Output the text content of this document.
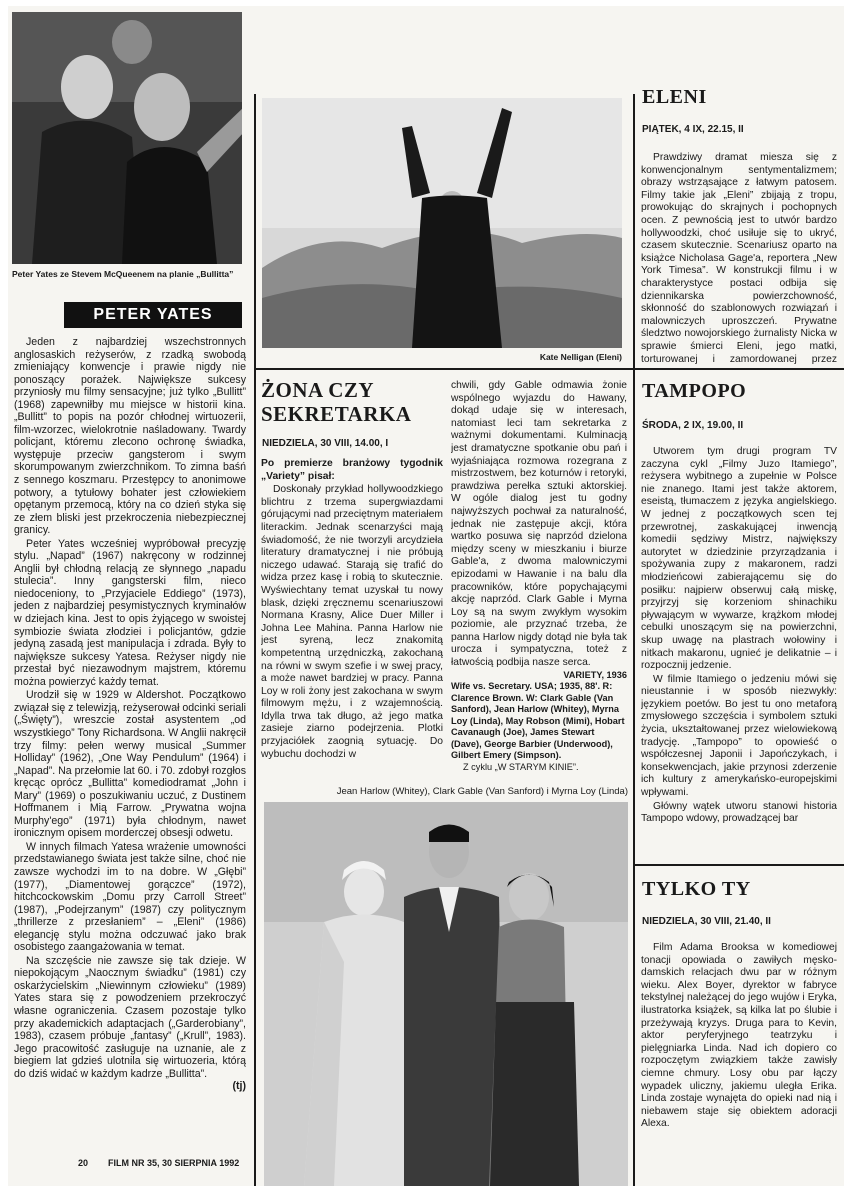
Peter Yates ze Stevem McQueenem na planie „Bullitta”
PETER YATES

Jeden z najbardziej wszechstronnych anglosaskich reżyserów, z rzadką swobodą zmieniający konwencje i prawie nigdy nie ponoszący porażek. Największe sukcesy przyniosły mu filmy sensacyjne; już tylko „Bullitt” (1968) zapewniłby mu miejsce w historii kina. „Bullitt” to popis na pozór chłodnej wirtuozerii, film-wzorzec, wielokrotnie naśladowany. Twardy policjant, któremu zlecono ochronę świadka, występuje przeciw gangsterom i swym skorumpowanym zwierzchnikom. To zimna baśń z sennego koszmaru. Przestępcy to anonimowe potwory, a tytułowy bohater jest człowiekiem opętanym przemocą, który na co dzień styka się ze złem bliski jest przekroczenia niebezpiecznej granicy.

Peter Yates wcześniej wypróbował precyzję stylu. „Napad” (1967) nakręcony w rodzinnej Anglii był chłodną relacją ze słynnego „napadu stulecia”. Inny gangsterski film, nieco niedoceniony, to „Przyjaciele Eddiego” (1973), jeden z najbardziej pesymistycznych kryminałów w dziejach kina. Jest to opis żyjącego w swoistej symbiozie świata złodziei i policjantów, gdzie jedyną zasadą jest manipulacja i zdrada. Były to największe sukcesy Yatesa. Reżyser nigdy nie przestał być niezawodnym majstrem, któremu można powierzyć każdy temat.

Urodził się w 1929 w Aldershot. Początkowo związał się z telewizją, reżyserował odcinki seriali („Święty”), wreszcie został asystentem „od wszystkiego” Tony Richardsona. W Anglii nakręcił trzy filmy: pełen werwy musical „Summer Holliday” (1962), „One Way Pendulum” (1964) i „Napad”. Na przełomie lat 60. i 70. zdobył rozgłos kręcąc oprócz „Bullitta” komediodramat „John i Mary” (1969) o poszukiwaniu uczuć, z Dustinem Hoffmanem i Mią Farrow. „Prywatna wojna Murphy'ego” (1971) była chłodnym, nawet ironicznym opisem morderczej obsesji odwetu.

W innych filmach Yatesa wrażenie umowności przedstawianego świata jest także silne, choć nie zawsze wychodzi im to na dobre. W „Głębi” (1977), „Diamentowej gorączce” (1972), hitchcockowskim „Domu przy Carroll Street” (1987), „Podejrzanym” (1987) czy politycznym „thrillerze z przesłaniem” – „Eleni” (1986) elegancję stylu można odczuwać jako brak osobistego zaangażowania w temat.

Na szczęście nie zawsze się tak dzieje. W niepokojącym „Naocznym świadku” (1981) czy oskarżycielskim „Niewinnym człowieku” (1989) Yates stara się z powodzeniem przekroczyć własne ograniczenia. Czasem pozostaje tylko przy akademickich adaptacjach („Garderobiany”, 1983), czasem próbuje „fantasy” („Krull”, 1983). Jego pracowitość zasługuje na uznanie, ale z biegiem lat gdzieś ulotnila się wirtuozeria, którą do dziś widać w każdym kadrze „Bullitta”.

(tj)
Kate Nelligan (Eleni)
ELENI
PIĄTEK, 4 IX, 22.15, II

Prawdziwy dramat miesza się z konwencjonalnym sentymentalizmem; obrazy wstrząsające z łatwym patosem. Filmy takie jak „Eleni” zbijają z tropu, prowokując do skrajnych i pochopnych ocen. Z pewnością jest to utwór bardzo hollywoodzki, choć usiłuje się to ukryć, czasem skutecznie. Scenariusz oparto na książce Nicholasa Gage'a, reportera „New York Timesa”. W konstrukcji filmu i w charakterystyce postaci odbija się dziennikarska powierzchowność, skłonność do szablonowych rozwiązań i malowniczych uproszczeń. Prywatne śledztwo nowojorskiego żurnalisty Nicka w sprawie śmierci Eleni, jego matki, torturowanej i zamordowanej przez

ŻONA CZY
SEKRETARKA
NIEDZIELA, 30 VIII, 14.00, I

Po premierze branżowy tygodnik „Variety” pisał:

Doskonały przykład hollywoodzkiego blichtru z trzema supergwiazdami górującymi nad przeciętnym materiałem literackim. Jednak scenarzyści mają świadomość, że nie tworzyli arcydzieła literatury dramatycznej i nie próbują niczego udawać. Starają się trafić do widza przez kasę i robią to skutecznie. Wyświechtany temat uzyskał tu nowy blask, dzięki zręcznemu scenariuszowi Normana Krasny, Alice Duer Miller i Johna Lee Mahina. Panna Harlow nie jest syreną, lecz znakomitą kompetentną urzędniczką, zakochaną na równi w swym szefie i w swej pracy, a może nawet bardziej w pracy. Panna Loy w roli żony jest zakochana w swym filmowym mężu, i z wzajemnością. Idylla trwa tak długo, aż jego matka zasieje ziarno podejrzenia. Plotki przyjaciółek zaognią sytuację. Do wybuchu dochodzi w

chwili, gdy Gable odmawia żonie wspólnego wyjazdu do Hawany, dokąd udaje się w interesach, natomiast leci tam sekretarka z ważnymi dokumentami. Kulminacją jest dramatyczne spotkanie obu pań i wyjaśniająca rozmowa rozegrana z mistrzostwem, bez koturnów i retoryki, prawdziwa perełka sztuki aktorskiej. W ogóle dialog jest tu godny najwyższych pochwał za naturalność, jednak nie zastępuje akcji, która wartko posuwa się naprzód dzielona między sceny w mieszkaniu i biurze Gable'a, z dwoma malowniczymi epizodami w Hawanie i na balu dla pracowników, które popychającymi akcję naprzód. Clark Gable i Myrna Loy są na swym zwykłym wysokim poziomie, ale przyznać trzeba, że panna Harlow nigdy dotąd nie była tak urocza i sympatyczna, toteż z łatwością podbija nasze serca.

VARIETY, 1936
Wife vs. Secretary. USA; 1935, 88'. R: Clarence Brown. W: Clark Gable (Van Sanford), Jean Harlow (Whitey), Myrna Loy (Linda), May Robson (Mimi), Hobart Cavanaugh (Joe), James Stewart (Dave), George Barbier (Underwood), Gilbert Emery (Simpson).
Z cyklu „W STARYM KINIE”.
Jean Harlow (Whitey), Clark Gable (Van Sanford) i Myrna Loy (Linda)
TAMPOPO
ŚRODA, 2 IX, 19.00, II

Utworem tym drugi program TV zaczyna cykl „Filmy Juzo Itamiego”, reżysera wybitnego a zupełnie w Polsce nie znanego. Itami jest także aktorem, eseistą, tłumaczem z języka angielskiego. W jednej z początkowych scen tej przewrotnej, zaskakującej inwencją komedii sędziwy Mistrz, największy autorytet w dziedzinie przyrządzania i spożywania zupy z makaronem, radzi młodzieńcowi zabierającemu się do posiłku: najpierw obserwuj całą miskę, przyjrzyj się korzeniom shinachiku pływającym w wywarze, krążkom młodej cebulki unoszącym się na powierzchni, skup uwagę na plastrach wołowiny i nitkach makaronu, ugnieć je delikatnie – i rozpocznij jedzenie.

W filmie Itamiego o jedzeniu mówi się nieustannie i w sposób niezwykły: językiem poetów. Bo jest tu ono metaforą zmysłowego szczęścia i symbolem sztuki życia, ukształtowanej przez wielowiekową tradycję. „Tampopo” to opowieść o współczesnej Japonii i Japończykach, i konsekwencjach, jakie przynosi zderzenie ich kultury z amerykańsko-europejskimi wpływami.

Główny wątek utworu stanowi historia Tampopo wdowy, prowadzącej bar

TYLKO TY
NIEDZIELA, 30 VIII, 21.40, II

Film Adama Brooksa w komediowej tonacji opowiada o zawiłych męsko-damskich relacjach dwu par w różnym wieku. Alex Boyer, dyrektor w fabryce tekstylnej należącej do jego wujów i Eryka, ilustratorka książek, są kilka lat po ślubie i przeżywają kryzys. Druga para to Kevin, aktor peryferyjnego teatrzyku i pielęgniarka Linda. Nad ich dopiero co rozpoczętym związkiem także zawisły ciemne chmury. Losy obu par łączy wypadek uliczny, jakiemu uległa Erika. Linda zostaje wynajęta do opieki nad nią i niebawem staje się obiektem adoracji Alexa.

20 FILM NR 35, 30 SIERPNIA 1992
